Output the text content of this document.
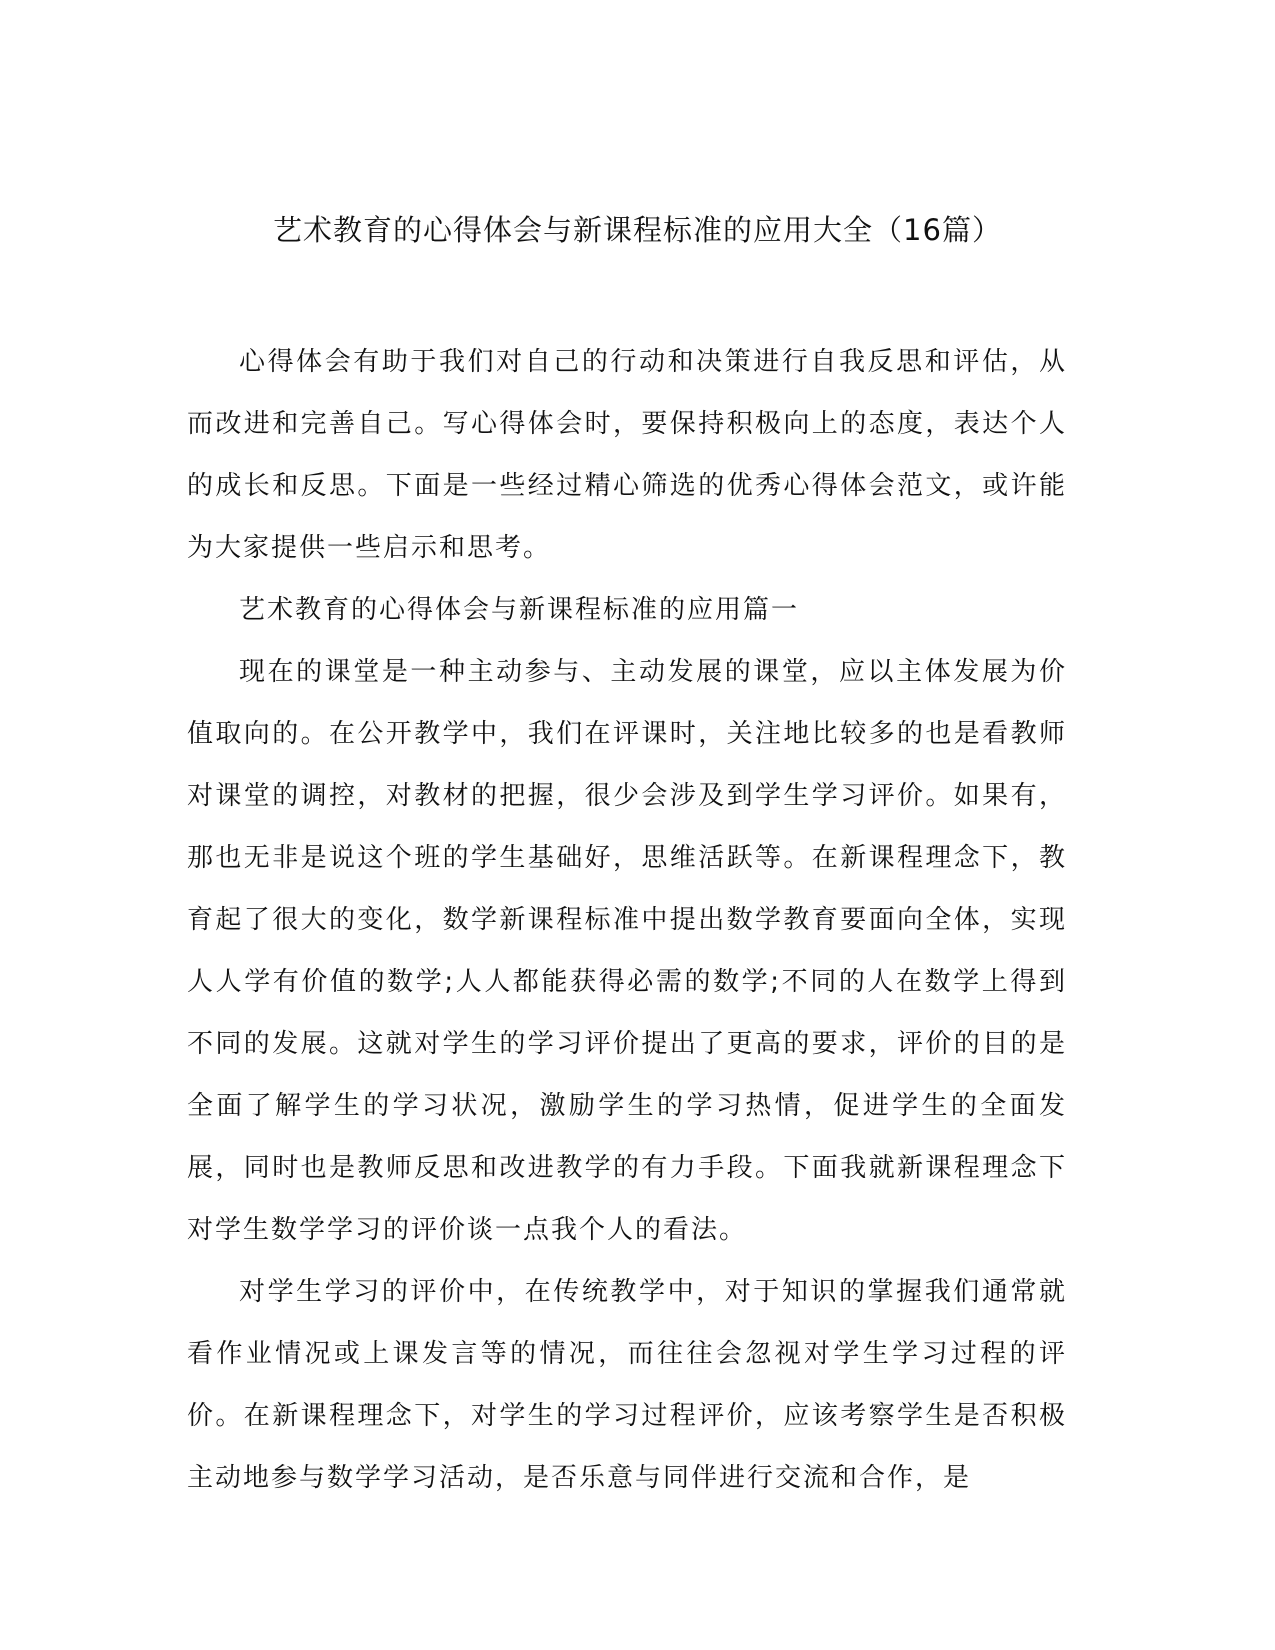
艺术教育的心得体会与新课程标准的应用大全（16篇）

心得体会有助于我们对自己的行动和决策进行自我反思和评估，从而改进和完善自己。写心得体会时，要保持积极向上的态度，表达个人的成长和反思。下面是一些经过精心筛选的优秀心得体会范文，或许能为大家提供一些启示和思考。

艺术教育的心得体会与新课程标准的应用篇一

现在的课堂是一种主动参与、主动发展的课堂，应以主体发展为价值取向的。在公开教学中，我们在评课时，关注地比较多的也是看教师对课堂的调控，对教材的把握，很少会涉及到学生学习评价。如果有，那也无非是说这个班的学生基础好，思维活跃等。在新课程理念下，教育起了很大的变化，数学新课程标准中提出数学教育要面向全体，实现人人学有价值的数学;人人都能获得必需的数学;不同的人在数学上得到不同的发展。这就对学生的学习评价提出了更高的要求，评价的目的是全面了解学生的学习状况，激励学生的学习热情，促进学生的全面发展，同时也是教师反思和改进教学的有力手段。下面我就新课程理念下对学生数学学习的评价谈一点我个人的看法。

对学生学习的评价中，在传统教学中，对于知识的掌握我们通常就看作业情况或上课发言等的情况，而往往会忽视对学生学习过程的评价。在新课程理念下，对学生的学习过程评价，应该考察学生是否积极主动地参与数学学习活动，是否乐意与同伴进行交流和合作，是
